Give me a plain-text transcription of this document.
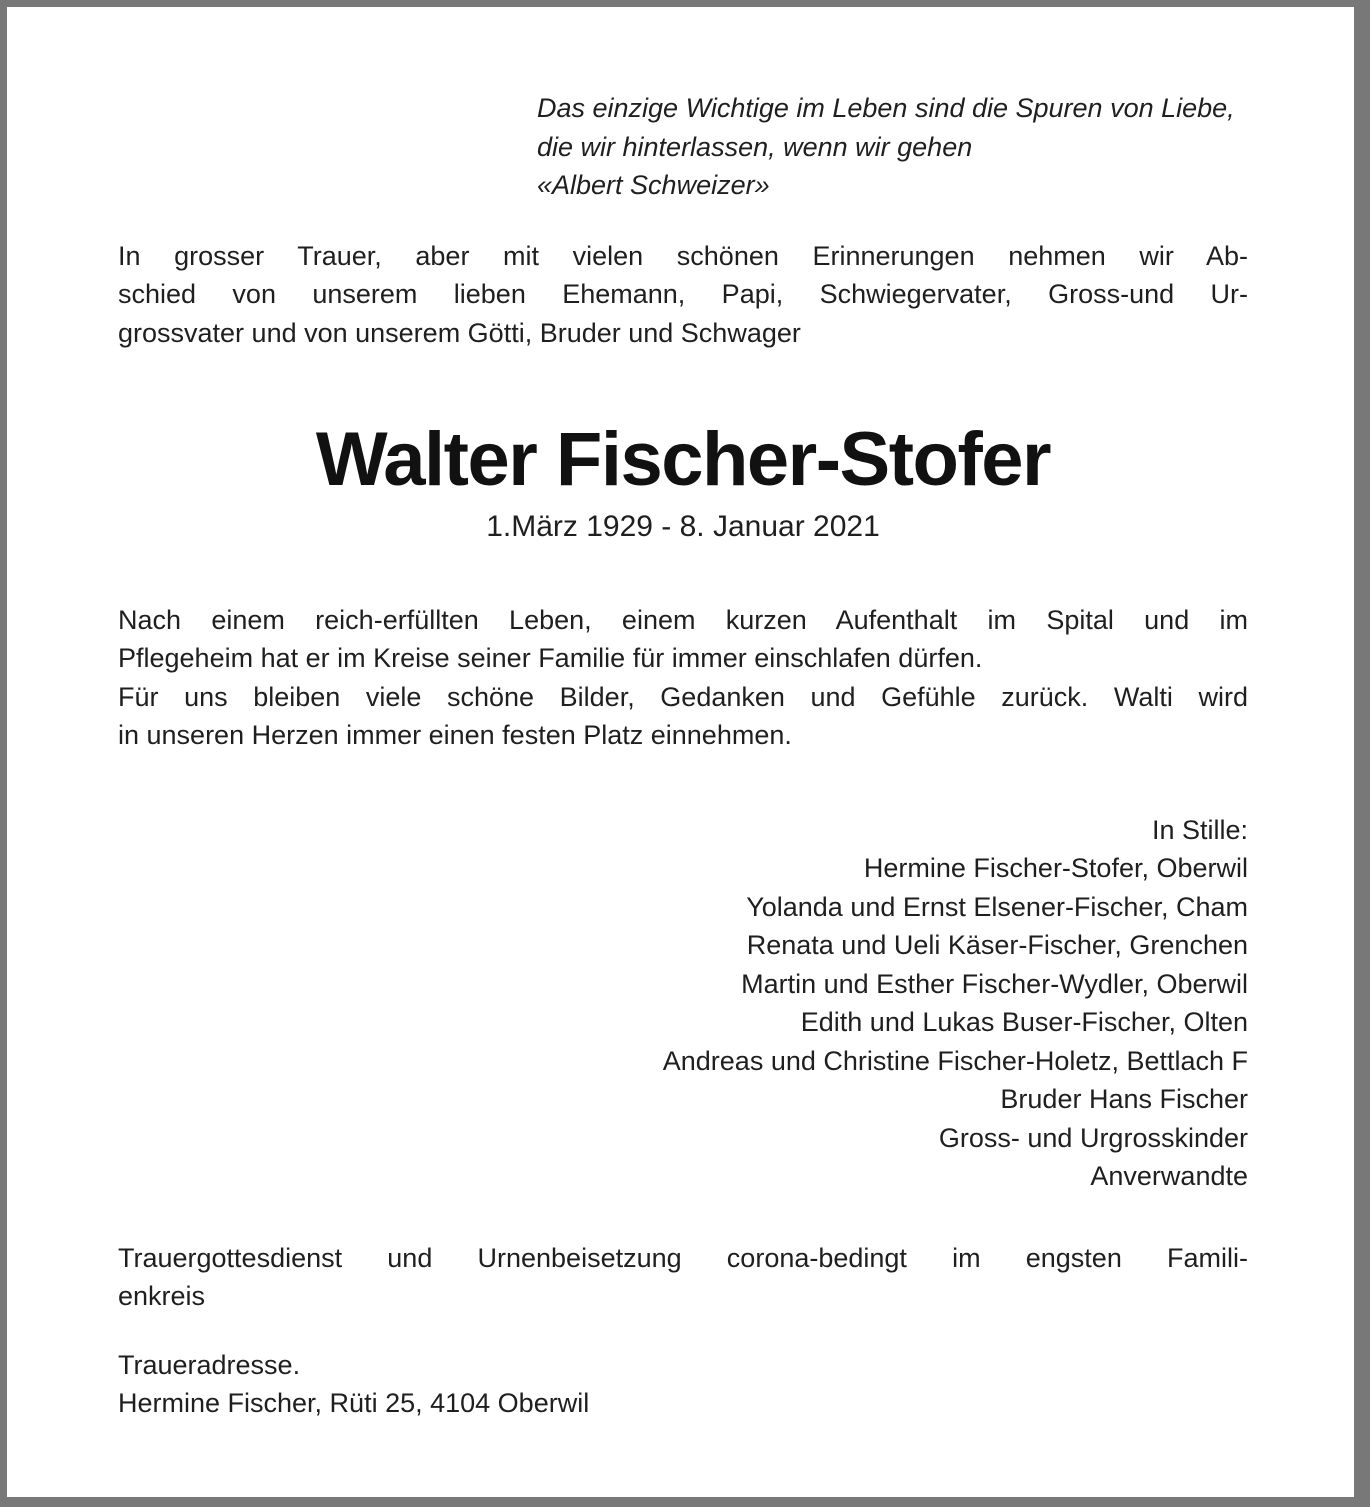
Das einzige Wichtige im Leben sind die Spuren von Liebe,
die wir hinterlassen, wenn wir gehen
«Albert Schweizer»
In grosser Trauer, aber mit vielen schönen Erinnerungen nehmen wir Ab-
schied von unserem lieben Ehemann, Papi, Schwiegervater, Gross-und Ur-
grossvater und von unserem Götti, Bruder und Schwager
Walter Fischer-Stofer
1.März 1929 - 8. Januar 2021
Nach einem reich-erfüllten Leben, einem kurzen Aufenthalt im Spital und im
Pflegeheim hat er im Kreise seiner Familie für immer einschlafen dürfen.
Für uns bleiben viele schöne Bilder, Gedanken und Gefühle zurück. Walti wird
in unseren Herzen immer einen festen Platz einnehmen.
In Stille:
Hermine Fischer-Stofer, Oberwil
Yolanda und Ernst Elsener-Fischer, Cham
Renata und Ueli Käser-Fischer, Grenchen
Martin und Esther Fischer-Wydler, Oberwil
Edith und Lukas Buser-Fischer, Olten
Andreas und Christine Fischer-Holetz, Bettlach F
Bruder Hans Fischer
Gross- und Urgrosskinder
Anverwandte
Trauergottesdienst und Urnenbeisetzung corona-bedingt im engsten Famili-
enkreis
Traueradresse.
Hermine Fischer, Rüti 25, 4104 Oberwil
